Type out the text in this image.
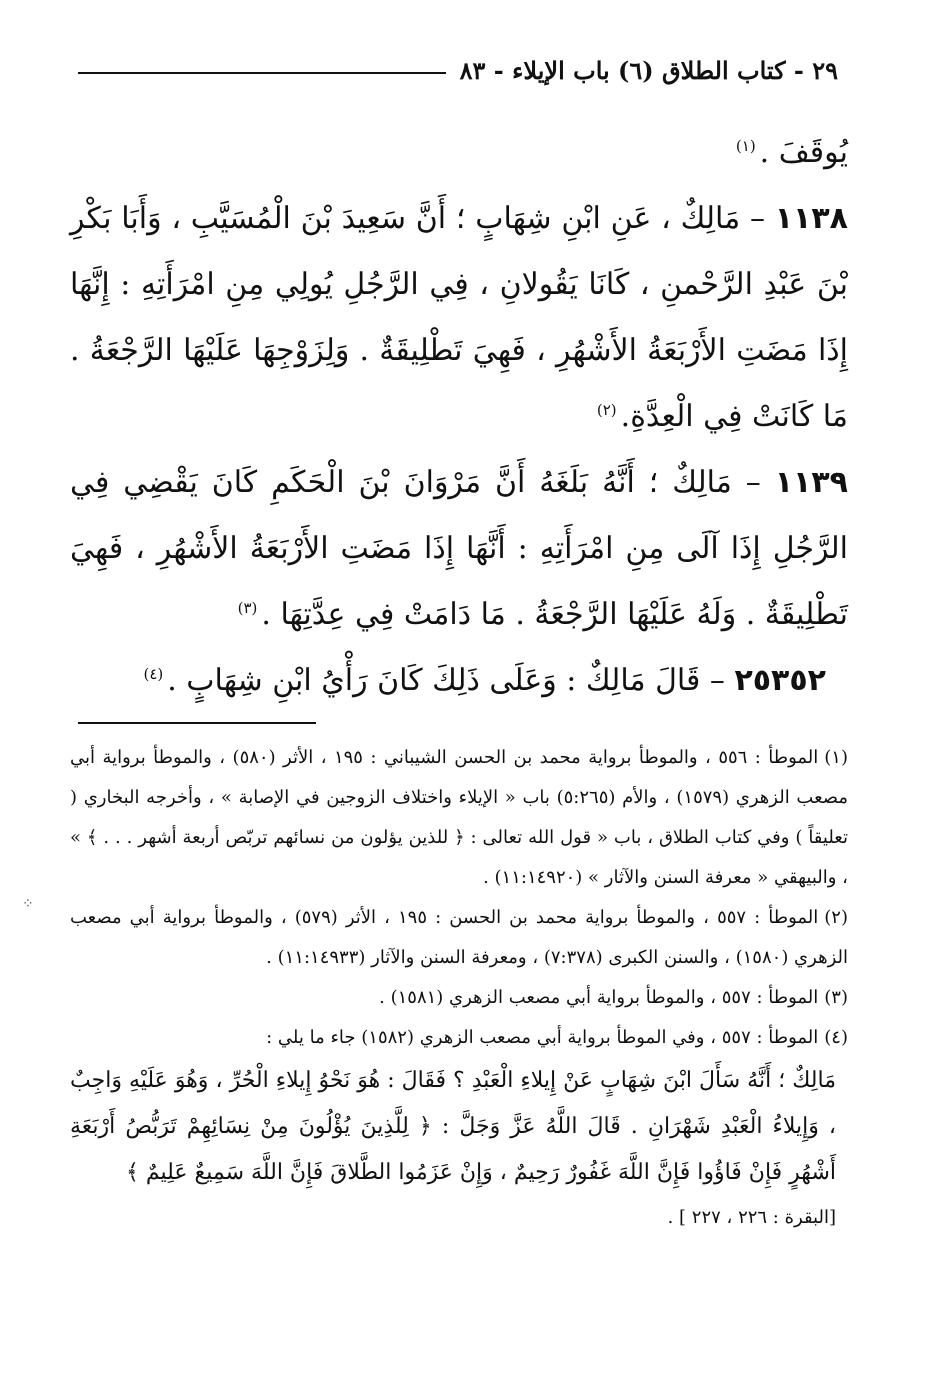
٢٩ - كتاب الطلاق (٦) باب الإيلاء - ٨٣

يُوقَفَ .$^{(١)}$

١١٣٨ – مَالِكٌ ، عَنِ ابْنِ شِهَابٍ ؛ أَنَّ سَعِيدَ بْنَ الْمُسَيَّبِ ، وَأَبَا بَكْرِ بْنَ عَبْدِ الرَّحْمنِ ، كَانَا يَقُولانِ ، فِي الرَّجُلِ يُولِي مِنِ امْرَأَتِهِ : إِنَّهَا إِذَا مَضَتِ الأَرْبَعَةُ الأَشْهُرِ ، فَهِيَ تَطْلِيقَةٌ . وَلِزَوْجِهَا عَلَيْهَا الرَّجْعَةُ . مَا كَانَتْ فِي الْعِدَّةِ.$^{(٢)}$

١١٣٩ – مَالِكٌ ؛ أَنَّهُ بَلَغَهُ أَنَّ مَرْوَانَ بْنَ الْحَكَمِ كَانَ يَقْضِي فِي الرَّجُلِ إِذَا آلَى مِنِ امْرَأَتِهِ : أَنَّهَا إِذَا مَضَتِ الأَرْبَعَةُ الأَشْهُرِ ، فَهِيَ تَطْلِيقَةٌ . وَلَهُ عَلَيْهَا الرَّجْعَةُ . مَا دَامَتْ فِي عِدَّتِهَا .$^{(٣)}$

٢٥٣٥٢ – قَالَ مَالِكٌ : وَعَلَى ذَلِكَ كَانَ رَأْيُ ابْنِ شِهَابٍ .$^{(٤)}$

(١)الموطأ : ٥٥٦ ، والموطأ برواية محمد بن الحسن الشيباني : ١٩٥ ، الأثر (٥٨٠) ، والموطأ برواية أبي مصعب الزهري (١٥٧٩) ، والأم (٥:٢٦٥) باب « الإيلاء واختلاف الزوجين في الإصابة » ، وأخرجه البخاري ( تعليقاً ) وفي كتاب الطلاق ، باب « قول الله تعالى : ﴿ للذين يؤلون من نسائهم تربّص أربعة أشهر . . . ﴾ » ، والبيهقي « معرفة السنن والآثار » (١١:١٤٩٢٠) .

(٢)الموطأ : ٥٥٧ ، والموطأ برواية محمد بن الحسن : ١٩٥ ، الأثر (٥٧٩) ، والموطأ برواية أبي مصعب الزهري (١٥٨٠) ، والسنن الكبرى (٧:٣٧٨) ، ومعرفة السنن والآثار (١١:١٤٩٣٣) .

(٣)الموطأ : ٥٥٧ ، والموطأ برواية أبي مصعب الزهري (١٥٨١) .

(٤)الموطأ : ٥٥٧ ، وفي الموطأ برواية أبي مصعب الزهري (١٥٨٢) جاء ما يلي :

مَالِكٌ ؛ أَنَّهُ سَأَلَ ابْنَ شِهَابٍ عَنْ إِيلاءِ الْعَبْدِ ؟ فَقَالَ : هُوَ نَحْوُ إِيلاءِ الْحُرِّ ، وَهُوَ عَلَيْهِ وَاجِبٌ ، وَإِيلاءُ الْعَبْدِ شَهْرَانِ . قَالَ اللَّهُ عَزَّ وَجَلَّ : ﴿ لِلَّذِينَ يُؤْلُونَ مِنْ نِسَائِهِمْ تَرَبُّصُ أَرْبَعَةِ أَشْهُرٍ فَإِنْ فَاؤُوا فَإِنَّ اللَّهَ غَفُورٌ رَحِيمٌ ، وَإِنْ عَزَمُوا الطَّلاقَ فَإِنَّ اللَّهَ سَمِيعٌ عَلِيمٌ ﴾

[البقرة : ٢٢٦ ، ٢٢٧ ] .

⁘
